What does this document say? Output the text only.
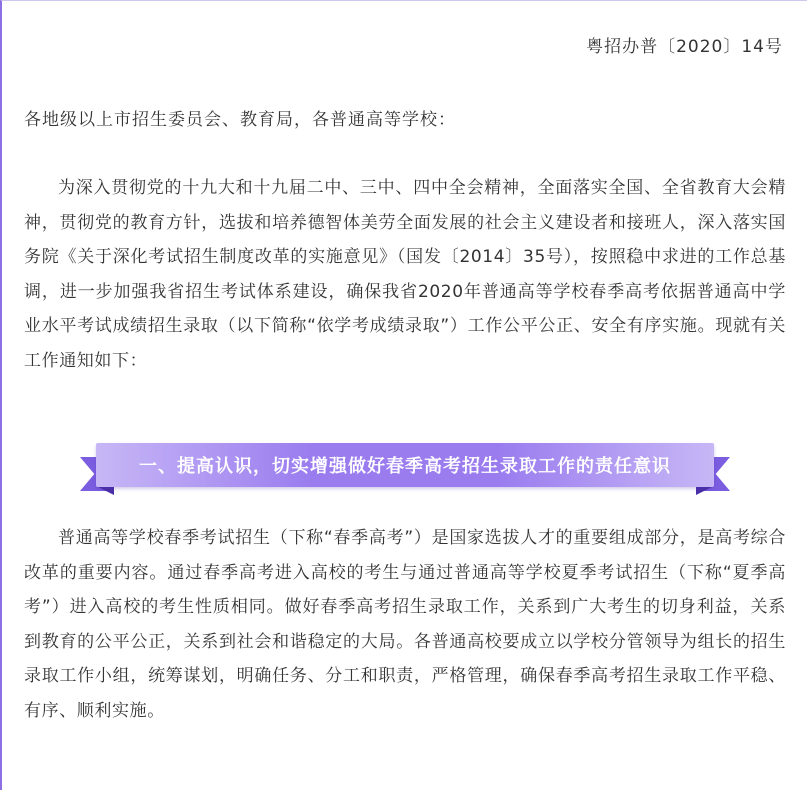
粤招办普〔2020〕14号
各地级以上市招生委员会、教育局，各普通高等学校：

为深入贯彻党的十九大和十九届二中、三中、四中全会精神，全面落实全国、全省教育大会精神，贯彻党的教育方针，选拔和培养德智体美劳全面发展的社会主义建设者和接班人，深入落实国务院《关于深化考试招生制度改革的实施意见》（国发〔2014〕35号），按照稳中求进的工作总基调，进一步加强我省招生考试体系建设，确保我省2020年普通高等学校春季高考依据普通高中学业水平考试成绩招生录取（以下简称“依学考成绩录取”）工作公平公正、安全有序实施。现就有关工作通知如下：

一、提高认识，切实增强做好春季高考招生录取工作的责任意识

普通高等学校春季考试招生（下称“春季高考”）是国家选拔人才的重要组成部分，是高考综合改革的重要内容。通过春季高考进入高校的考生与通过普通高等学校夏季考试招生（下称“夏季高考”）进入高校的考生性质相同。做好春季高考招生录取工作，关系到广大考生的切身利益，关系到教育的公平公正，关系到社会和谐稳定的大局。各普通高校要成立以学校分管领导为组长的招生录取工作小组，统筹谋划，明确任务、分工和职责，严格管理，确保春季高考招生录取工作平稳、有序、顺利实施。
